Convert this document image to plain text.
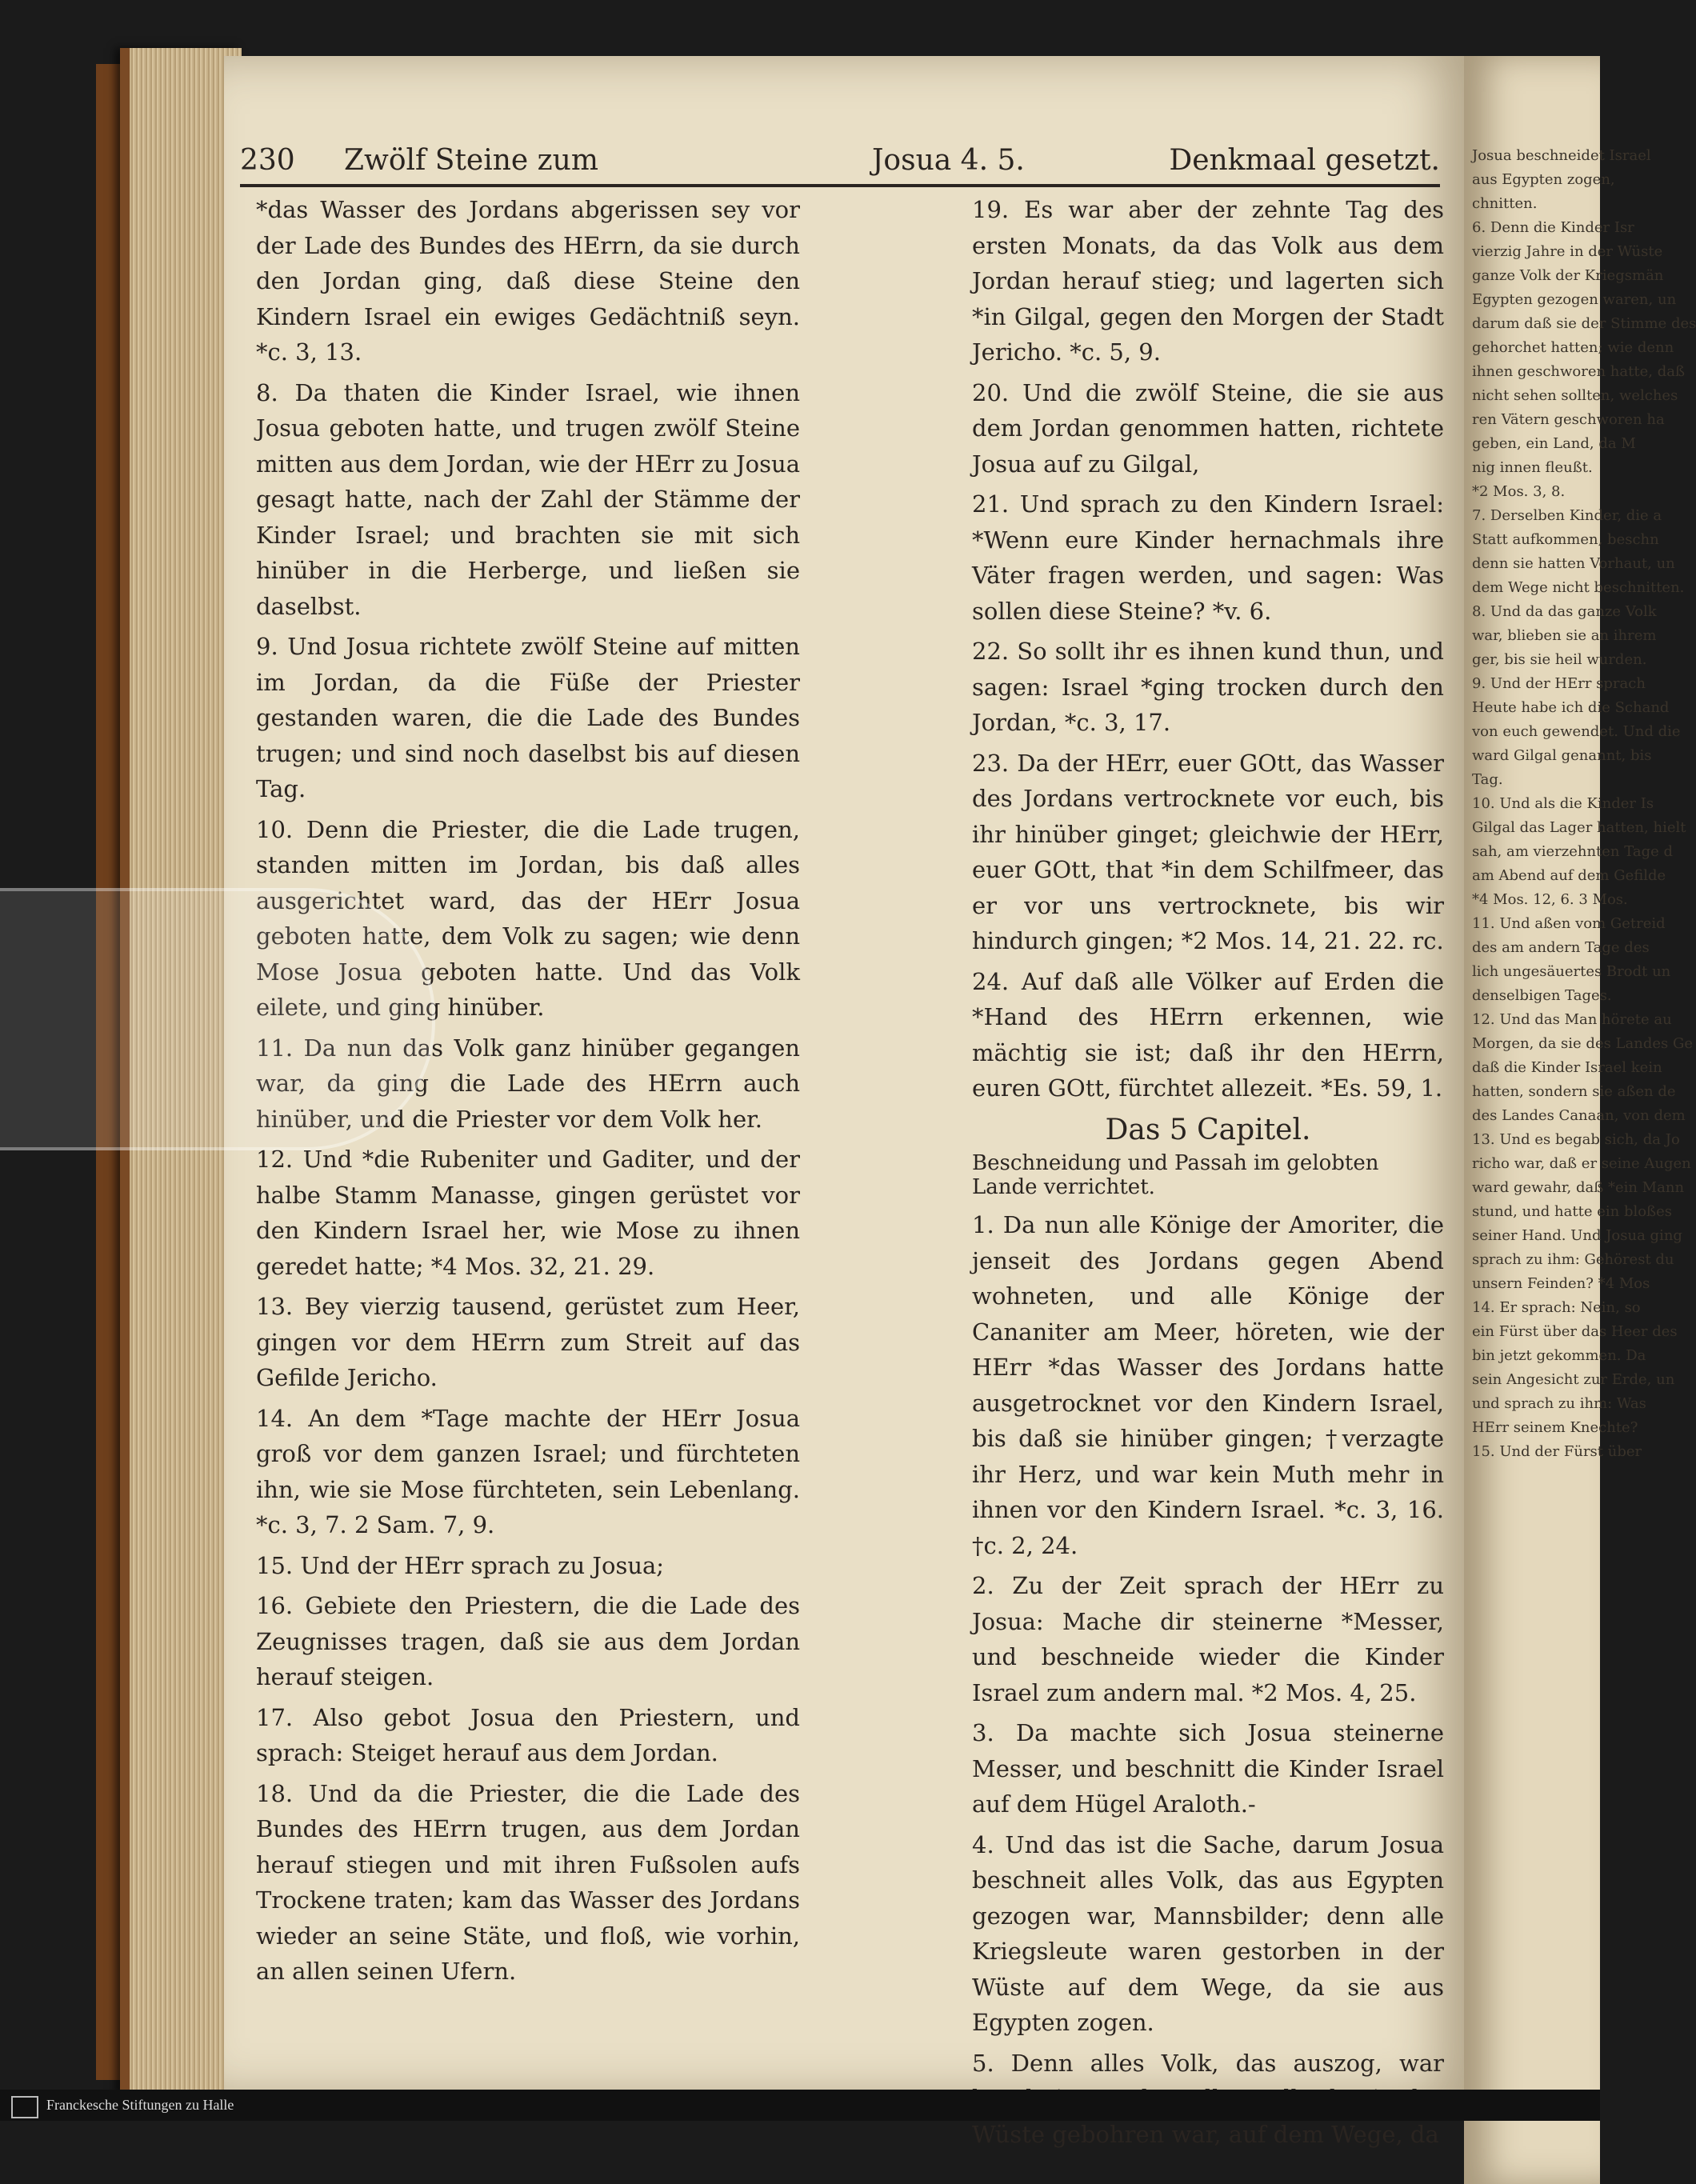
Josua beschneidet Israel
aus Egypten zogen,
chnitten.
6. Denn die Kinder Isr
vierzig Jahre in der Wüste
ganze Volk der Kriegsmän
Egypten gezogen waren, un
darum daß sie der Stimme des
gehorchet hatten; wie denn
ihnen geschworen hatte, daß
nicht sehen sollten, welches
ren Vätern geschworen ha
geben, ein Land, da M
nig innen fleußt.
*2 Mos. 3, 8.
7. Derselben Kinder, die a
Statt aufkommen, beschn
denn sie hatten Vorhaut, un
dem Wege nicht beschnitten.
8. Und da das ganze Volk
war, blieben sie an ihrem
ger, bis sie heil wurden.
9. Und der HErr sprach
Heute habe ich die Schand
von euch gewendet. Und die
ward Gilgal genannt, bis
Tag.
10. Und als die Kinder Is
Gilgal das Lager hatten, hielt
sah, am vierzehnten Tage d
am Abend auf dem Gefilde
*4 Mos. 12, 6. 3 Mos.
11. Und aßen vom Getreid
des am andern Tage des
lich ungesäuertes Brodt un
denselbigen Tages.
12. Und das Man hörete au
Morgen, da sie des Landes Ge
daß die Kinder Israel kein
hatten, sondern sie aßen de
des Landes Canaan, von dem
13. Und es begab sich, da Jo
richo war, daß er seine Augen
ward gewahr, daß *ein Mann
stund, und hatte ein bloßes
seiner Hand. Und Josua ging
sprach zu ihm: Gehörest du
unsern Feinden? *4 Mos
14. Er sprach: Nein, so
ein Fürst über das Heer des
bin jetzt gekommen. Da
sein Angesicht zur Erde, un
und sprach zu ihm: Was
HErr seinem Knechte?
15. Und der Fürst über
230 Zwölf Steine zum	Josua 4. 5.	Denkmaal gesetzt.

*das Wasser des Jordans abgerissen sey vor der Lade des Bundes des HErrn, da sie durch den Jordan ging, daß diese Steine den Kindern Israel ein ewiges Gedächtniß seyn. *c. 3, 13.

8. Da thaten die Kinder Israel, wie ihnen Josua geboten hatte, und trugen zwölf Steine mitten aus dem Jordan, wie der HErr zu Josua gesagt hatte, nach der Zahl der Stämme der Kinder Israel; und brachten sie mit sich hinüber in die Herberge, und ließen sie daselbst.

9. Und Josua richtete zwölf Steine auf mitten im Jordan, da die Füße der Priester gestanden waren, die die Lade des Bundes trugen; und sind noch daselbst bis auf diesen Tag.

10. Denn die Priester, die die Lade trugen, standen mitten im Jordan, bis daß alles ausgerichtet ward, das der HErr Josua geboten hatte, dem Volk zu sagen; wie denn Mose Josua geboten hatte. Und das Volk eilete, und ging hinüber.

11. Da nun das Volk ganz hinüber gegangen war, da ging die Lade des HErrn auch hinüber, und die Priester vor dem Volk her.

12. Und *die Rubeniter und Gaditer, und der halbe Stamm Manasse, gingen gerüstet vor den Kindern Israel her, wie Mose zu ihnen geredet hatte; *4 Mos. 32, 21. 29.

13. Bey vierzig tausend, gerüstet zum Heer, gingen vor dem HErrn zum Streit auf das Gefilde Jericho.

14. An dem *Tage machte der HErr Josua groß vor dem ganzen Israel; und fürchteten ihn, wie sie Mose fürchteten, sein Lebenlang. *c. 3, 7. 2 Sam. 7, 9.

15. Und der HErr sprach zu Josua;

16. Gebiete den Priestern, die die Lade des Zeugnisses tragen, daß sie aus dem Jordan herauf steigen.

17. Also gebot Josua den Priestern, und sprach: Steiget herauf aus dem Jordan.

18. Und da die Priester, die die Lade des Bundes des HErrn trugen, aus dem Jordan herauf stiegen und mit ihren Fußsolen aufs Trockene traten; kam das Wasser des Jordans wieder an seine Stäte, und floß, wie vorhin, an allen seinen Ufern.

19. Es war aber der zehnte Tag des ersten Monats, da das Volk aus dem Jordan herauf stieg; und lagerten sich *in Gilgal, gegen den Morgen der Stadt Jericho. *c. 5, 9.

20. Und die zwölf Steine, die sie aus dem Jordan genommen hatten, richtete Josua auf zu Gilgal,

21. Und sprach zu den Kindern Israel: *Wenn eure Kinder hernachmals ihre Väter fragen werden, und sagen: Was sollen diese Steine? *v. 6.

22. So sollt ihr es ihnen kund thun, und sagen: Israel *ging trocken durch den Jordan, *c. 3, 17.

23. Da der HErr, euer GOtt, das Wasser des Jordans vertrocknete vor euch, bis ihr hinüber ginget; gleichwie der HErr, euer GOtt, that *in dem Schilfmeer, das er vor uns vertrocknete, bis wir hindurch gingen; *2 Mos. 14, 21. 22. rc.

24. Auf daß alle Völker auf Erden die *Hand des HErrn erkennen, wie mächtig sie ist; daß ihr den HErrn, euren GOtt, fürchtet allezeit. *Es. 59, 1.

Das 5 Capitel.
Beschneidung und Passah im gelobten Lande verrichtet.

1. Da nun alle Könige der Amoriter, die jenseit des Jordans gegen Abend wohneten, und alle Könige der Cananiter am Meer, höreten, wie der HErr *das Wasser des Jordans hatte ausgetrocknet vor den Kindern Israel, bis daß sie hinüber gingen; †verzagte ihr Herz, und war kein Muth mehr in ihnen vor den Kindern Israel. *c. 3, 16. †c. 2, 24.

2. Zu der Zeit sprach der HErr zu Josua: Mache dir steinerne *Messer, und beschneide wieder die Kinder Israel zum andern mal. *2 Mos. 4, 25.

3. Da machte sich Josua steinerne Messer, und beschnitt die Kinder Israel auf dem Hügel Araloth.-

4. Und das ist die Sache, darum Josua beschneit alles Volk, das aus Egypten gezogen war, Mannsbilder; denn alle Kriegsleute waren gestorben in der Wüste auf dem Wege, da sie aus Egypten zogen.

5. Denn alles Volk, das auszog, war Wüste gebohren war, auf dem Wege, da

Franckesche Stiftungen zu Halle
